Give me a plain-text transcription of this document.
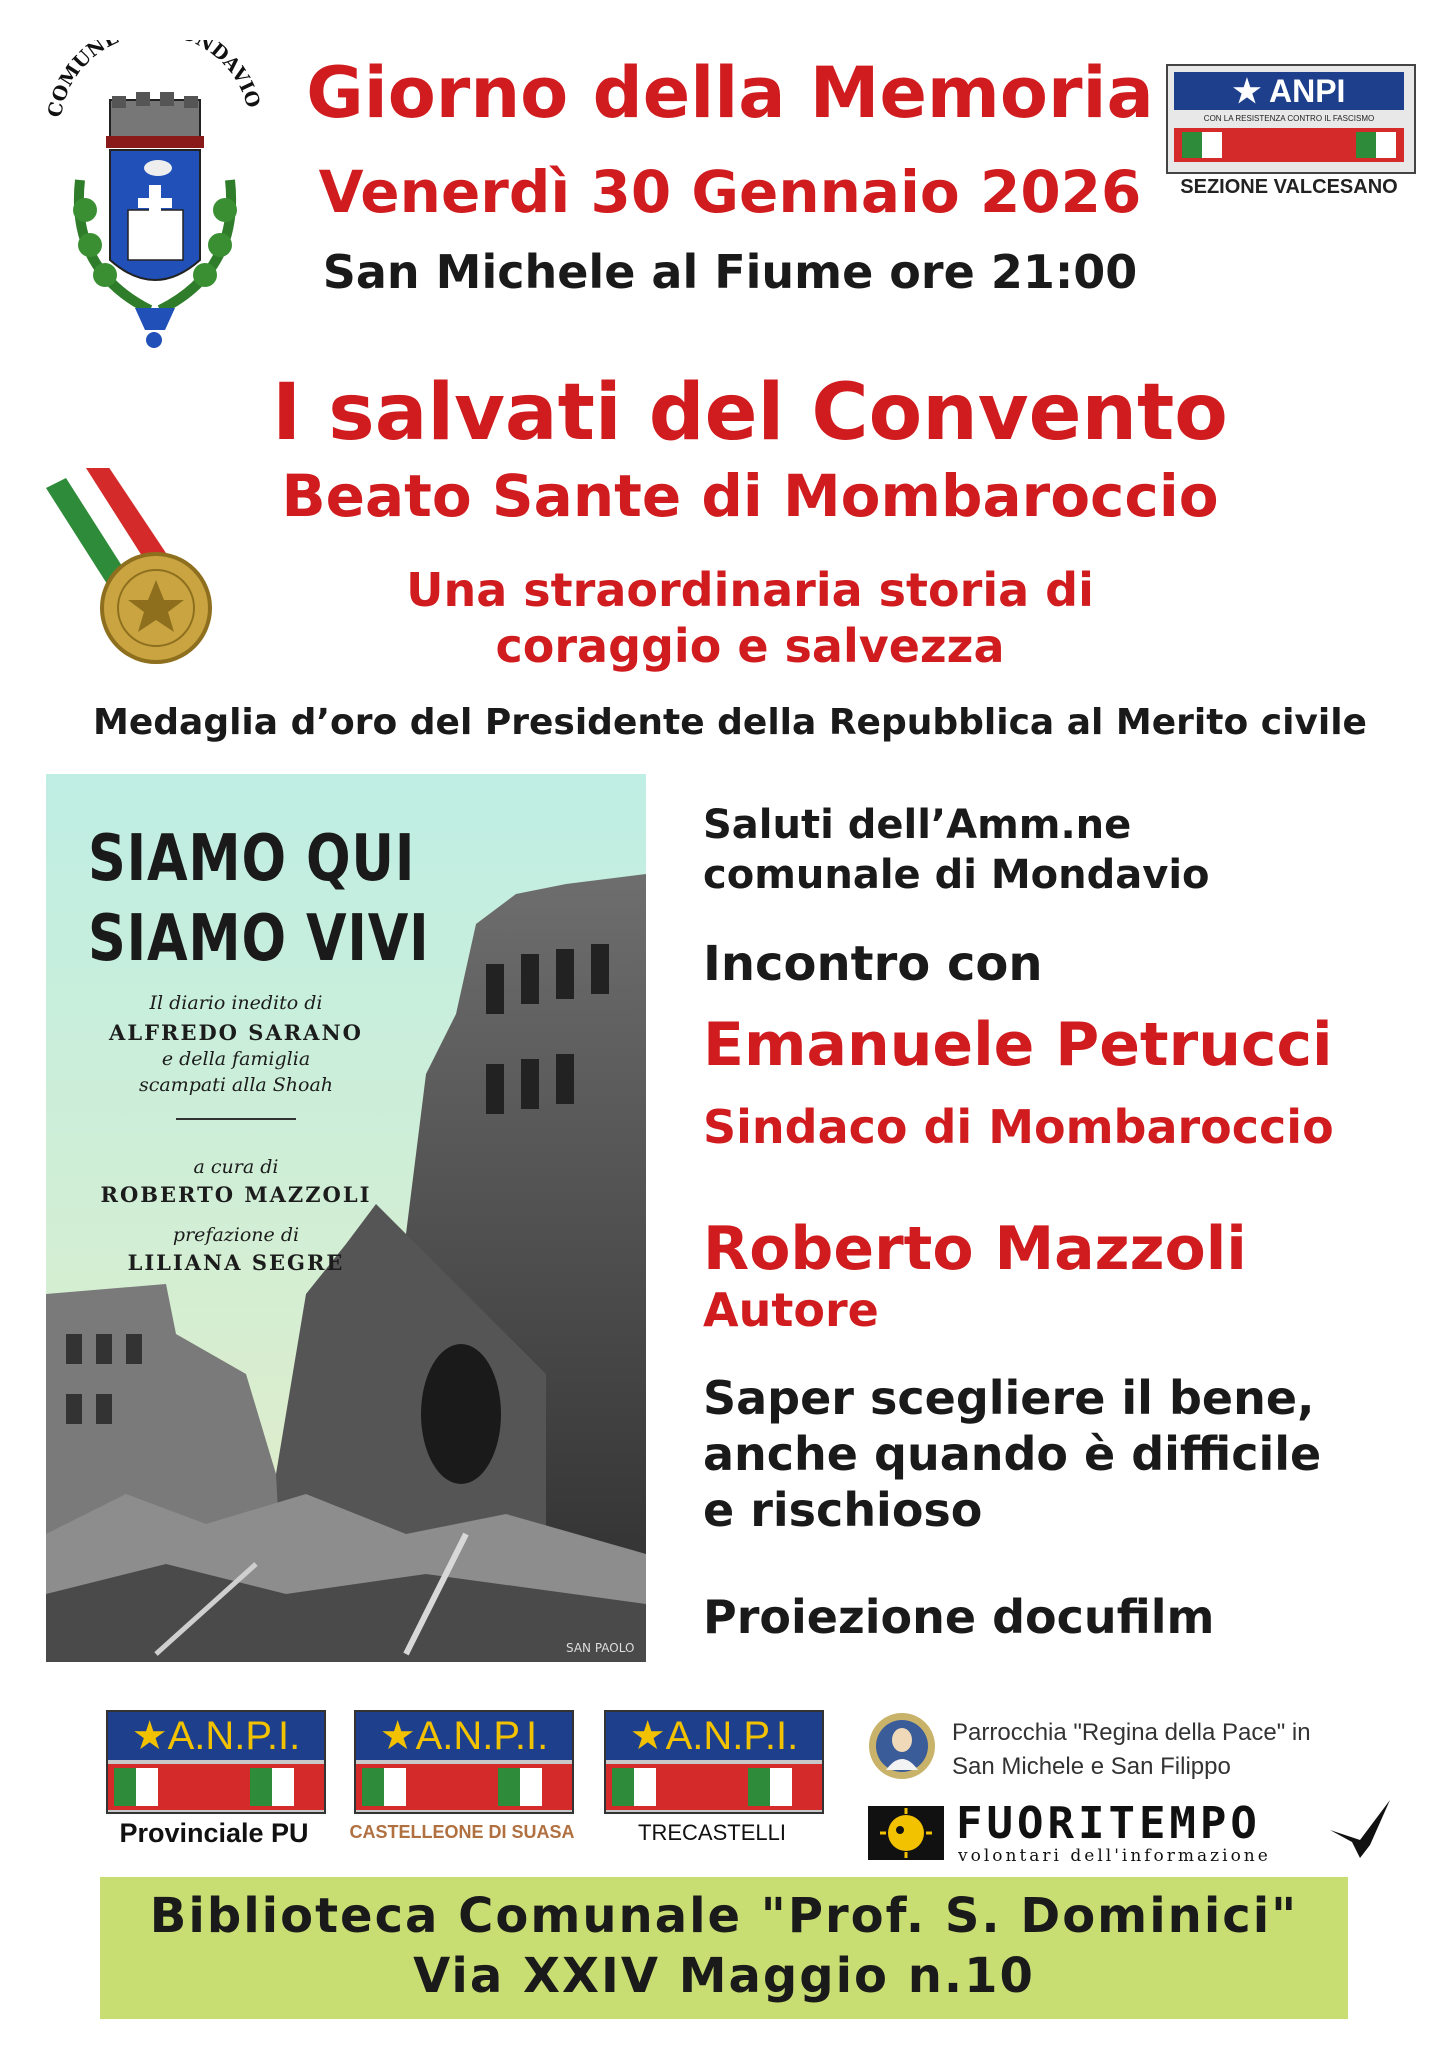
COMUN NDAVIO	★ ANPI
CON LA RESISTENZA CONTRO IL FASCISMO
SEZIONE VALCESANO
Giorno della Memoria
Venerdì 30 Gennaio 2026
San Michele al Fiume ore 21:00
I salvati del Convento
Beato Sante di Mombaroccio
Una straordinaria storia di
coraggio e salvezza
Medaglia d’oro del Presidente della Repubblica al Merito civile
SAN PAOLO
SIAMO QUI
SIAMO VIVI
Il diario inedito di
ALFREDO SARANO
e della famiglia
scampati alla Shoah
a cura di
ROBERTO MAZZOLI
prefazione di
LILIANA SEGRE
Saluti dell’Amm.ne
comunale di Mondavio
Incontro con
Emanuele Petrucci
Sindaco di Mombaroccio
Roberto Mazzoli
Autore
Saper scegliere il bene,
anche quando è difficile
e rischioso
Proiezione docufilm
★A.N.P.I.
Provinciale PU
★A.N.P.I.
CASTELLEONE DI SUASA
★A.N.P.I.
TRECASTELLI
Parrocchia "Regina della Pace" in
San Michele e San Filippo
FUORITEMPO
volontari dell'informazione
Biblioteca Comunale "Prof. S. Dominici"
Via XXIV Maggio n.10
